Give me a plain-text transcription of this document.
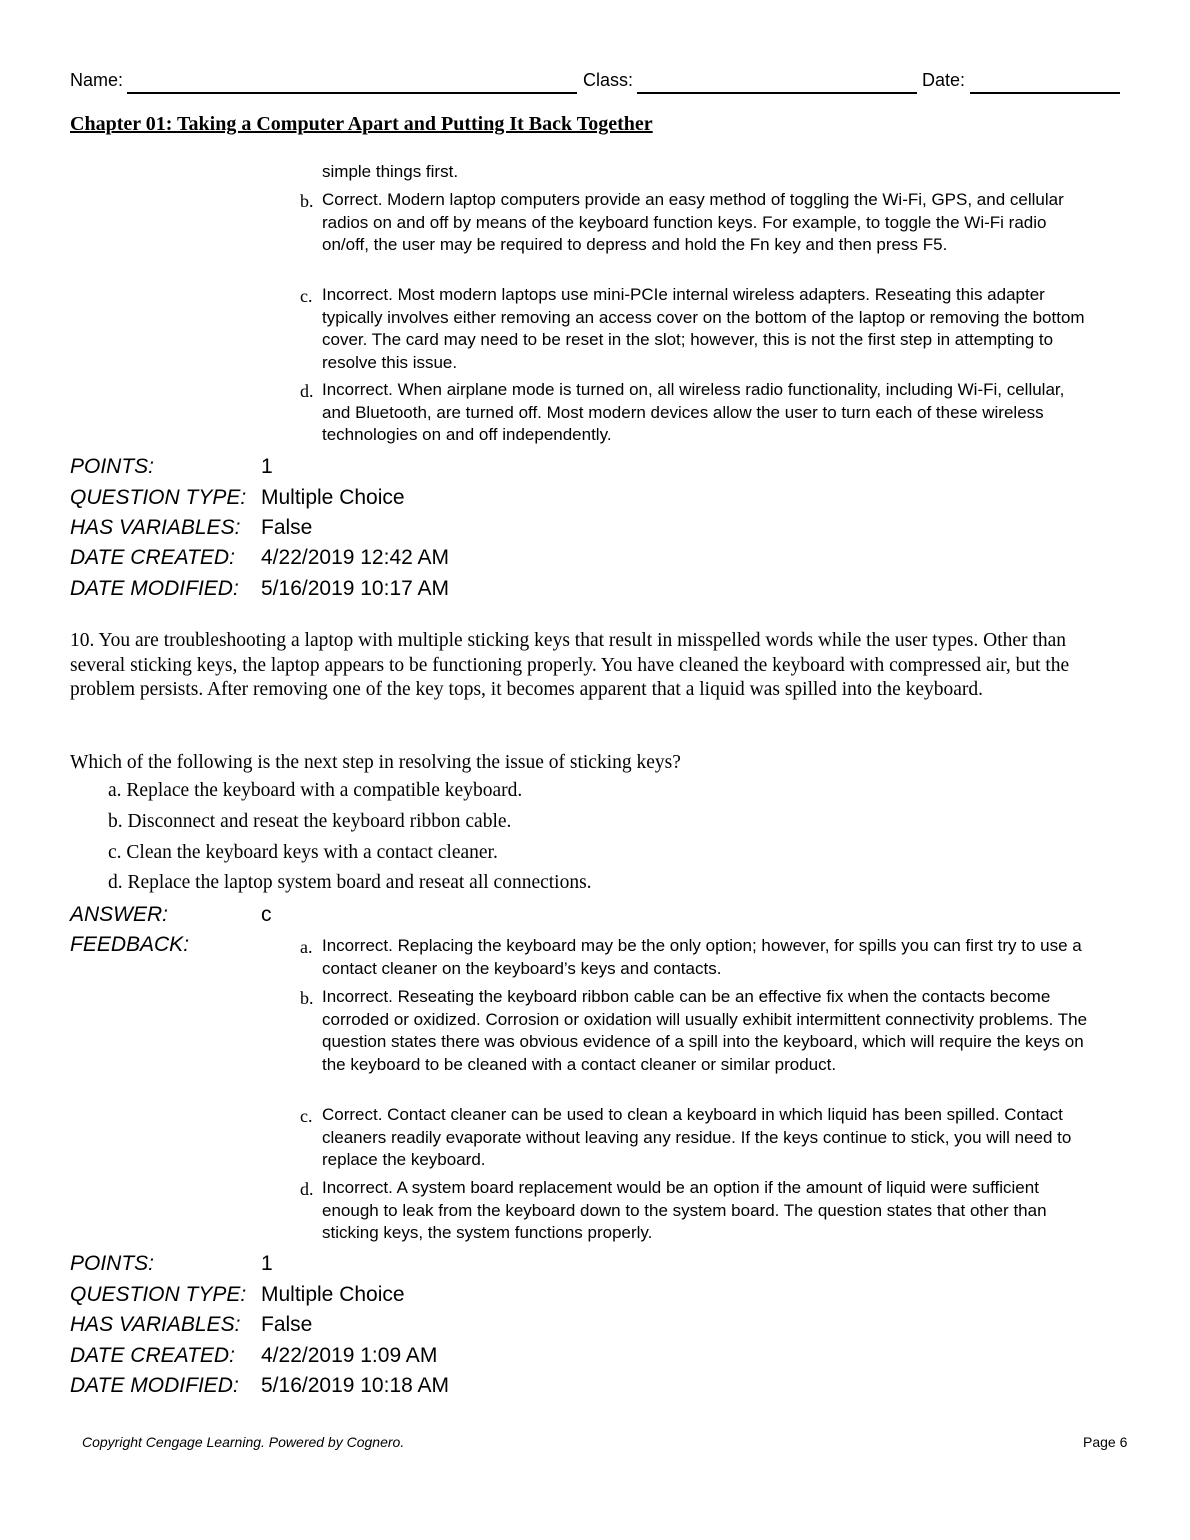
Name:	Class:	Date:
Chapter 01: Taking a Computer Apart and Putting It Back Together
simple things first.
b. Correct. Modern laptop computers provide an easy method of toggling the Wi-Fi, GPS, and cellular radios on and off by means of the keyboard function keys. For example, to toggle the Wi-Fi radio on/off, the user may be required to depress and hold the Fn key and then press F5.
c. Incorrect. Most modern laptops use mini-PCIe internal wireless adapters. Reseating this adapter typically involves either removing an access cover on the bottom of the laptop or removing the bottom cover. The card may need to be reset in the slot; however, this is not the first step in attempting to resolve this issue.
d. Incorrect. When airplane mode is turned on, all wireless radio functionality, including Wi-Fi, cellular, and Bluetooth, are turned off. Most modern devices allow the user to turn each of these wireless technologies on and off independently.
POINTS:	1
QUESTION TYPE: Multiple Choice
HAS VARIABLES: False
DATE CREATED: 4/22/2019 12:42 AM
DATE MODIFIED: 5/16/2019 10:17 AM
10. You are troubleshooting a laptop with multiple sticking keys that result in misspelled words while the user types. Other than several sticking keys, the laptop appears to be functioning properly. You have cleaned the keyboard with compressed air, but the problem persists. After removing one of the key tops, it becomes apparent that a liquid was spilled into the keyboard.
Which of the following is the next step in resolving the issue of sticking keys?
a. Replace the keyboard with a compatible keyboard.
b. Disconnect and reseat the keyboard ribbon cable.
c. Clean the keyboard keys with a contact cleaner.
d. Replace the laptop system board and reseat all connections.
ANSWER:	c
FEEDBACK:	a. Incorrect. Replacing the keyboard may be the only option; however, for spills you can first try to use a contact cleaner on the keyboard’s keys and contacts.
b. Incorrect. Reseating the keyboard ribbon cable can be an effective fix when the contacts become corroded or oxidized. Corrosion or oxidation will usually exhibit intermittent connectivity problems. The question states there was obvious evidence of a spill into the keyboard, which will require the keys on the keyboard to be cleaned with a contact cleaner or similar product.
c. Correct. Contact cleaner can be used to clean a keyboard in which liquid has been spilled. Contact cleaners readily evaporate without leaving any residue. If the keys continue to stick, you will need to replace the keyboard.
d. Incorrect. A system board replacement would be an option if the amount of liquid were sufficient enough to leak from the keyboard down to the system board. The question states that other than sticking keys, the system functions properly.
POINTS:	1
QUESTION TYPE: Multiple Choice
HAS VARIABLES: False
DATE CREATED: 4/22/2019 1:09 AM
DATE MODIFIED: 5/16/2019 10:18 AM
Copyright Cengage Learning. Powered by Cognero.	Page 6
